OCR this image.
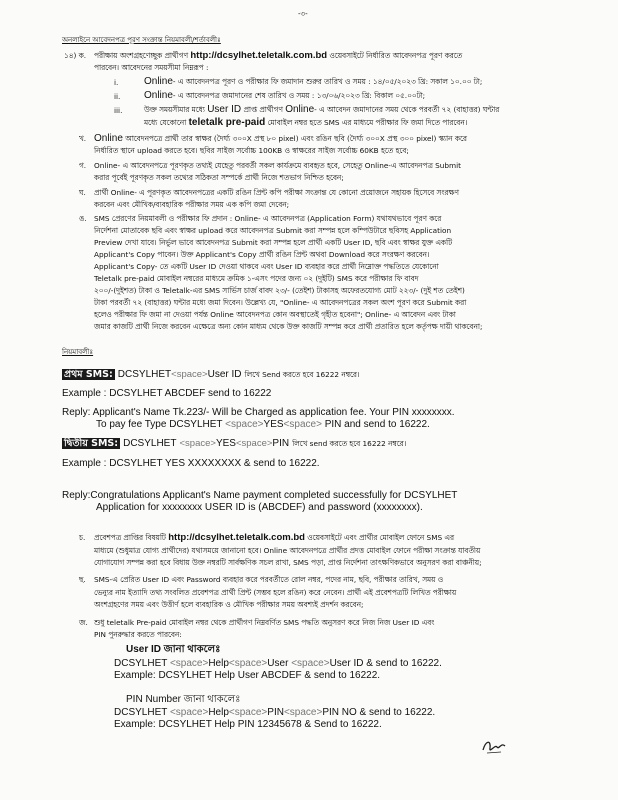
-৩-
অনলাইনে আবেদনপত্র পূরণ সংক্রান্ত নিয়মাবলী/শর্তাবলীঃ
১৪) ক. পরীক্ষায় অংশগ্রহণেচ্ছুক প্রার্থীগণ http://dcsylhet.teletalk.com.bd ওয়েবসাইটে নির্ধারিত আবেদনপত্র পূরণ করতে
পারবেন। আবেদনের সময়সীমা নিম্নরূপ :
i.	Online- এ আবেদনপত্র পূরণ ও পরীক্ষার ফি জমাদান শুরুর তারিখ ও সময় : ১৪/০৫/২০২৩ খ্রি: সকাল ১০.০০ টা;
ii. Online- এ আবেদনপত্র জমাদানের শেষ তারিখ ও সময় : ১৩/০৬/২০২৩ খ্রি: বিকাল ০৫.০০টা;
iii.	উক্ত সময়সীমার মধ্যে User ID প্রাপ্ত প্রার্থীগণ Online- এ আবেদন জমাদানের সময় থেকে পরবর্তী ৭২ (বাহাত্তর) ঘন্টার
মধ্যে যেকোনো teletalk pre-paid মোবাইল নম্বর হতে SMS এর মাধ্যমে পরীক্ষার ফি জমা দিতে পারবেন।
খ. Online আবেদনপত্রে প্রার্থী তার স্বাক্ষর (দৈর্ঘ্য ৩০০X প্রস্থ ৮০ pixel) এবং রঙিন ছবি (দৈর্ঘ্য ৩০০X প্রস্থ ৩০০ pixel) স্ক্যান করে
নির্ধারিত স্থানে upload করতে হবে। ছবির সাইজ সর্বোচ্চ 100KB ও স্বাক্ষরের সাইজ সর্বোচ্চ 60KB হতে হবে;
গ. Online- এ আবেদনপত্রে পূরণকৃত তথ্যই যেহেতু পরবর্তী সকল কার্যক্রমে ব্যবহৃত হবে, সেহেতু Online-এ আবেদনপত্র Submit
করার পূর্বেই পূরণকৃত সকল তথ্যের সঠিকতা সম্পর্কে প্রার্থী নিজে শতভাগ নিশ্চিত হবেন;
ঘ. প্রার্থী Online- এ পূরণকৃত আবেদনপত্রের একটি রঙিন প্রিন্ট কপি পরীক্ষা সংক্রান্ত যে কোনো প্রয়োজনে সহায়ক হিসেবে সংরক্ষণ
করবেন এবং মৌখিক/ব্যবহারিক পরীক্ষার সময় এক কপি জমা দেবেন;
ঙ. SMS প্রেরণের নিয়মাবলী ও পরীক্ষার ফি প্রদান : Online- এ আবেদনপত্র (Application Form) যথাযথভাবে পূরণ করে
নির্দেশনা মোতাবেক ছবি এবং স্বাক্ষর upload করে আবেদনপত্র Submit করা সম্পন্ন হলে কম্পিউটারে ছবিসহ Application
Preview দেখা যাবে। নির্ভুল ভাবে আবেদনপত্র Submit করা সম্পন্ন হলে প্রার্থী একটি User ID, ছবি এবং স্বাক্ষর যুক্ত একটি
Applicant's Copy পাবেন। উক্ত Applicant's Copy প্রার্থী রঙিন প্রিন্ট অথবা Download করে সংরক্ষণ করবেন।
Applicant's Copy- তে একটি User ID দেওয়া থাকবে এবং User ID ব্যবহার করে প্রার্থী নিম্নোক্ত পদ্ধতিতে যেকোনো
Teletalk pre-paid মোবাইল নম্বরের মাধ্যমে ক্রমিক ১-এসং পদের জন্য ০২ (দুইটি) SMS করে পরীক্ষার ফি বাবদ
২০০/-(দুইশত) টাকা ও Teletalk-এর SMS সার্ভিস চার্জ বাবদ ২৩/- (তেইশ) টাকাসহ অফেরতযোগ্য মোট ২২৩/- (দুই শত তেইশ)
টাকা পরবর্তী ৭২ (বাহাত্তর) ঘন্টার মধ্যে জমা দিবেন। উল্লেখ্য যে, "Online- এ আবেদনপত্রের সকল অংশ পূরণ করে Submit করা
হলেও পরীক্ষার ফি জমা না দেওয়া পর্যন্ত Online আবেদনপত্র কোন অবস্থাতেই গৃহীত হবেনা"; Online- এ আবেদন এবং টাকা
জমার কাজটি প্রার্থী নিজে করবেন এক্ষেত্রে অন্য কোন মাধ্যম থেকে উক্ত কাজটি সম্পন্ন করে প্রার্থী প্রতারিত হলে কর্তৃপক্ষ দায়ী থাকবেনা;
নিয়মাবলীঃ
প্রথম SMS: DCSYLHET<space>User ID লিখে Send করতে হবে 16222 নম্বরে।
Example : DCSYLHET ABCDEF send to 16222
Reply: Applicant's Name Tk.223/- Will be Charged as application fee. Your PIN xxxxxxxx.
To pay fee Type DCSYLHET <space>YES<space> PIN and send to 16222.
দ্বিতীয় SMS: DCSYLHET <space>YES<space>PIN লিখে send করতে হবে 16222 নম্বরে।
Example : DCSYLHET YES XXXXXXXX & send to 16222.
Reply:Congratulations Applicant's Name payment completed successfully for DCSYLHET
Application for xxxxxxxx USER ID is (ABCDEF) and password (xxxxxxxx).
চ. প্রবেশপত্র প্রাপ্তির বিষয়টি http://dcsylhet.teletalk.com.bd ওয়েবসাইটে এবং প্রার্থীর মোবাইল ফোনে SMS এর
মাধ্যমে (শুধুমাত্র যোগ্য প্রার্থীদের) যথাসময়ে জানানো হবে। Online আবেদনপত্রে প্রার্থীর প্রদত্ত মোবাইল ফোনে পরীক্ষা সংক্রান্ত যাবতীয়
যোগাযোগ সম্পন্ন করা হবে বিধায় উক্ত নম্বরটি সার্বক্ষণিক সচল রাখা, SMS পড়া, প্রাপ্ত নির্দেশনা তাৎক্ষণিকভাবে অনুসরণ করা বাঞ্চনীয়;
ছ. SMS-এ প্রেরিত User ID এবং Password ব্যবহার করে পরবর্তীতে রোল নম্বর, পদের নাম, ছবি, পরীক্ষার তারিখ, সময় ও
ভেন্যুর নাম ইত্যাদি তথ্য সংবলিত প্রবেশপত্র প্রার্থী প্রিন্ট (সম্ভব হলে রঙিন) করে নেবেন। প্রার্থী এই প্রবেশপত্রটি লিখিত পরীক্ষায়
অংশগ্রহণের সময় এবং উত্তীর্ণ হলে ব্যবহারিক ও মৌখিক পরীক্ষার সময় অবশ্যই প্রদর্শন করবেন;
জ. শুধু teletalk Pre-paid মোবাইল নম্বর থেকে প্রার্থীগণ নিম্নবর্ণিত SMS পদ্ধতি অনুসরণ করে নিজ নিজ User ID এবং
PIN পুনরুদ্ধার করতে পারবেন:
User ID জানা থাকলেঃ
DCSYLHET <space>Help<space>User <space>User ID & send to 16222.
Example: DCSYLHET Help User ABCDEF & send to 16222.
PIN Number জানা থাকলেঃ
DCSYLHET <space>Help<space>PIN<space>PIN NO & send to 16222.
Example: DCSYLHET Help PIN 12345678 & Send to 16222.
